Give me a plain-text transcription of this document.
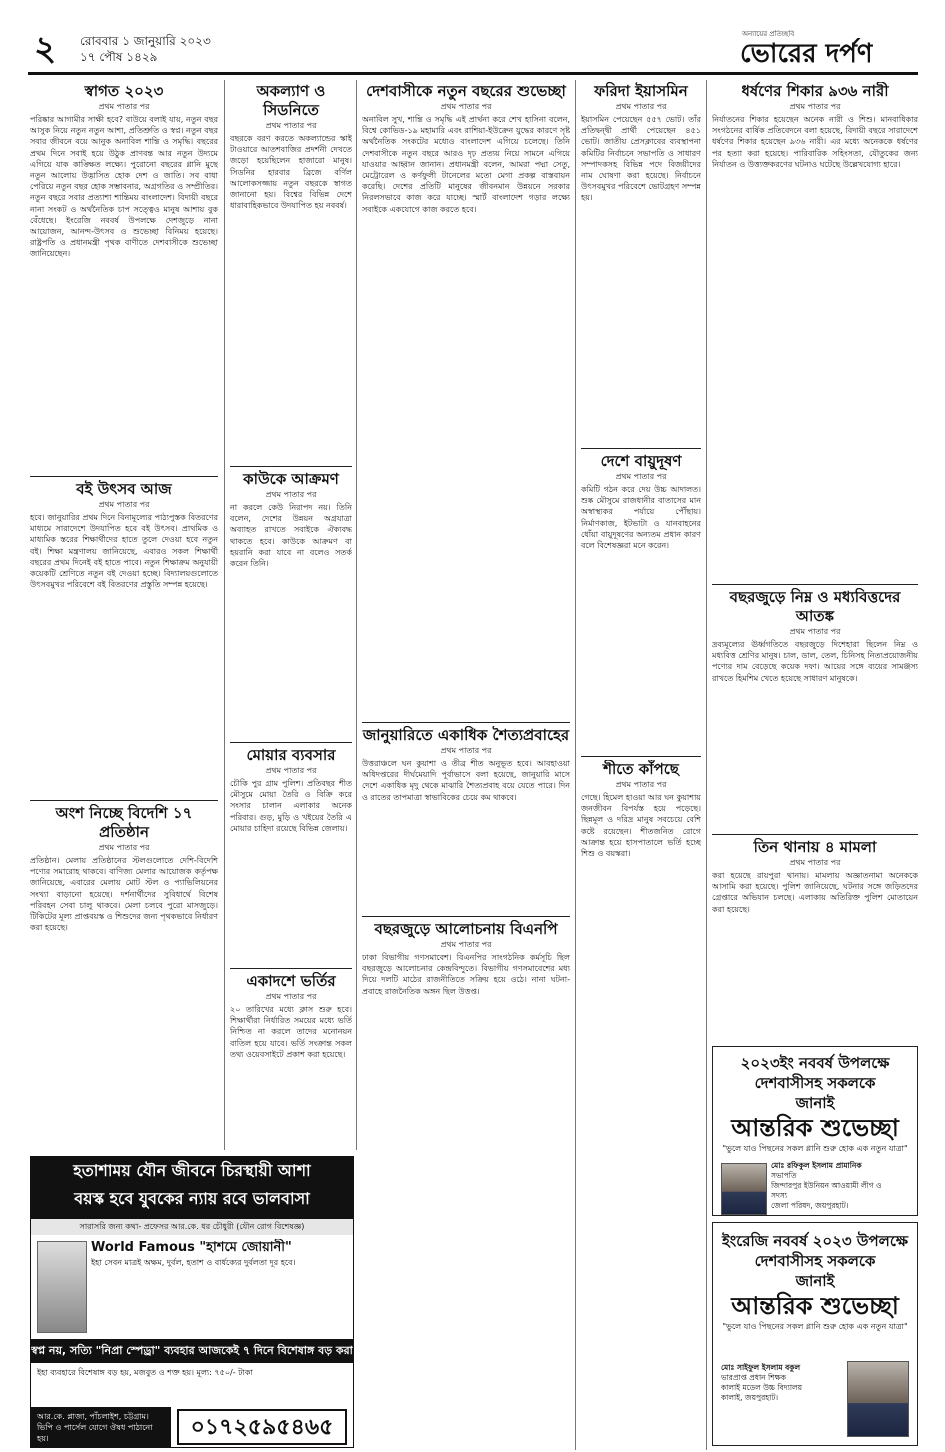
২ রোববার ১ জানুয়ারি ২০২৩
১৭ পৌষ ১৪২৯
অন্যায়ের প্রতিচ্ছবি
ভোরের দর্পণ
স্বাগত ২০২৩
প্রথম পাতার পর
পরিষ্কার আগামীর সাক্ষী হবে? বাউয়ে বলাই যায়, নতুন বছর আসুক নিয়ে নতুন নতুন আশা, প্রতিশ্রুতি ও স্বপ্ন। নতুন বছর সবার জীবনে বয়ে আনুক অনাবিল শান্তি ও সমৃদ্ধি। বছরের প্রথম দিনে সবাই হয়ে উঠুক প্রাণবন্ত আর নতুন উদ্যমে এগিয়ে যাক কাঙ্ক্ষিত লক্ষ্যে। পুরোনো বছরের গ্লানি মুছে নতুন আলোয় উদ্ভাসিত হোক দেশ ও জাতি। সব বাধা পেরিয়ে নতুন বছর হোক সম্ভাবনার, অগ্রগতির ও সম্প্রীতির। নতুন বছরে সবার প্রত্যাশা শান্তিময় বাংলাদেশ। বিদায়ী বছরে নানা সংকট ও অর্থনৈতিক চাপ সত্ত্বেও মানুষ আশায় বুক বেঁধেছে। ইংরেজি নববর্ষ উপলক্ষে দেশজুড়ে নানা আয়োজন, আনন্দ-উৎসব ও শুভেচ্ছা বিনিময় হয়েছে। রাষ্ট্রপতি ও প্রধানমন্ত্রী পৃথক বাণীতে দেশবাসীকে শুভেচ্ছা জানিয়েছেন।
বই উৎসব আজ
প্রথম পাতার পর
হবে। জানুয়ারির প্রথম দিনে বিনামূল্যের পাঠ্যপুস্তক বিতরণের মাধ্যমে সারাদেশে উদযাপিত হবে বই উৎসব। প্রাথমিক ও মাধ্যমিক স্তরের শিক্ষার্থীদের হাতে তুলে দেওয়া হবে নতুন বই। শিক্ষা মন্ত্রণালয় জানিয়েছে, এবারও সকল শিক্ষার্থী বছরের প্রথম দিনেই বই হাতে পাবে। নতুন শিক্ষাক্রম অনুযায়ী কয়েকটি শ্রেণিতে নতুন বই দেওয়া হচ্ছে। বিদ্যালয়গুলোতে উৎসবমুখর পরিবেশে বই বিতরণের প্রস্তুতি সম্পন্ন হয়েছে।
অংশ নিচ্ছে বিদেশি ১৭ প্রতিষ্ঠান
প্রথম পাতার পর
প্রতিষ্ঠান। মেলায় প্রতিষ্ঠানের স্টলগুলোতে দেশি-বিদেশি পণ্যের সমারোহ থাকবে। বাণিজ্য মেলার আয়োজক কর্তৃপক্ষ জানিয়েছে, এবারের মেলায় মোট স্টল ও প্যাভিলিয়নের সংখ্যা বাড়ানো হয়েছে। দর্শনার্থীদের সুবিধার্থে বিশেষ পরিবহন সেবা চালু থাকবে। মেলা চলবে পুরো মাসজুড়ে। টিকিটের মূল্য প্রাপ্তবয়স্ক ও শিশুদের জন্য পৃথকভাবে নির্ধারণ করা হয়েছে।
অকল্যাণ ও সিডনিতে
প্রথম পাতার পর
বছরকে বরণ করতে অকল্যান্ডের স্কাই টাওয়ারে আতশবাজির প্রদর্শনী দেখতে জড়ো হয়েছিলেন হাজারো মানুষ। সিডনির হারবার ব্রিজে বর্ণিল আলোকসজ্জায় নতুন বছরকে স্বাগত জানানো হয়। বিশ্বের বিভিন্ন দেশে ধারাবাহিকভাবে উদযাপিত হয় নববর্ষ।
কাউকে আক্রমণ
প্রথম পাতার পর
না করলে কেউ নিরাপদ নয়। তিনি বলেন, দেশের উন্নয়ন অগ্রযাত্রা অব্যাহত রাখতে সবাইকে ঐক্যবদ্ধ থাকতে হবে। কাউকে আক্রমণ বা হয়রানি করা যাবে না বলেও সতর্ক করেন তিনি।
মোয়ার ব্যবসার
প্রথম পাতার পর
চৌকি পুর গ্রাম পুলিশ। প্রতিবছর শীত মৌসুমে মোয়া তৈরি ও বিক্রি করে সংসার চালান এলাকার অনেক পরিবার। গুড়, মুড়ি ও খইয়ের তৈরি এ মোয়ার চাহিদা রয়েছে বিভিন্ন জেলায়।
একাদশে ভর্তির
প্রথম পাতার পর
২০ তারিখের মধ্যে ক্লাস শুরু হবে। শিক্ষার্থীরা নির্ধারিত সময়ের মধ্যে ভর্তি নিশ্চিত না করলে তাদের মনোনয়ন বাতিল হয়ে যাবে। ভর্তি সংক্রান্ত সকল তথ্য ওয়েবসাইটে প্রকাশ করা হয়েছে।
দেশবাসীকে নতুন বছরের শুভেচ্ছা
প্রথম পাতার পর
অনাবিল সুখ, শান্তি ও সমৃদ্ধি এই প্রার্থনা করে শেখ হাসিনা বলেন, বিশ্বে কোভিড-১৯ মহামারি এবং রাশিয়া-ইউক্রেন যুদ্ধের কারণে সৃষ্ট অর্থনৈতিক সংকটের মধ্যেও বাংলাদেশ এগিয়ে চলেছে। তিনি দেশবাসীকে নতুন বছরে আরও দৃঢ় প্রত্যয় নিয়ে সামনে এগিয়ে যাওয়ার আহ্বান জানান। প্রধানমন্ত্রী বলেন, আমরা পদ্মা সেতু, মেট্রোরেল ও কর্ণফুলী টানেলের মতো মেগা প্রকল্প বাস্তবায়ন করেছি। দেশের প্রতিটি মানুষের জীবনমান উন্নয়নে সরকার নিরলসভাবে কাজ করে যাচ্ছে। স্মার্ট বাংলাদেশ গড়ার লক্ষ্যে সবাইকে একযোগে কাজ করতে হবে।
জানুয়ারিতে একাধিক শৈত্যপ্রবাহের
প্রথম পাতার পর
উত্তরাঞ্চলে ঘন কুয়াশা ও তীব্র শীত অনুভূত হবে। আবহাওয়া অধিদপ্তরের দীর্ঘমেয়াদি পূর্বাভাসে বলা হয়েছে, জানুয়ারি মাসে দেশে একাধিক মৃদু থেকে মাঝারি শৈত্যপ্রবাহ বয়ে যেতে পারে। দিন ও রাতের তাপমাত্রা স্বাভাবিকের চেয়ে কম থাকবে।
বছরজুড়ে আলোচনায় বিএনপি
প্রথম পাতার পর
ঢাকা বিভাগীয় গণসমাবেশ। বিএনপির সাংগঠনিক কর্মসূচি ছিল বছরজুড়ে আলোচনার কেন্দ্রবিন্দুতে। বিভাগীয় গণসমাবেশের মধ্য দিয়ে দলটি মাঠের রাজনীতিতে সক্রিয় হয়ে ওঠে। নানা ঘটনা-প্রবাহে রাজনৈতিক অঙ্গন ছিল উত্তপ্ত।
ফরিদা ইয়াসমিন
প্রথম পাতার পর
ইয়াসমিন পেয়েছেন ৫৫৭ ভোট। তাঁর প্রতিদ্বন্দ্বী প্রার্থী পেয়েছেন ৪৫১ ভোট। জাতীয় প্রেসক্লাবের ব্যবস্থাপনা কমিটির নির্বাচনে সভাপতি ও সাধারণ সম্পাদকসহ বিভিন্ন পদে বিজয়ীদের নাম ঘোষণা করা হয়েছে। নির্বাচনে উৎসবমুখর পরিবেশে ভোটগ্রহণ সম্পন্ন হয়।
দেশে বায়ুদূষণ
প্রথম পাতার পর
কমিটি গঠন করে দেয় উচ্চ আদালত। শুষ্ক মৌসুমে রাজধানীর বাতাসের মান অস্বাস্থ্যকর পর্যায়ে পৌঁছায়। নির্মাণকাজ, ইটভাটা ও যানবাহনের ধোঁয়া বায়ুদূষণের অন্যতম প্রধান কারণ বলে বিশেষজ্ঞরা মনে করেন।
শীতে কাঁপছে
প্রথম পাতার পর
গেছে। হিমেল হাওয়া আর ঘন কুয়াশায় জনজীবন বিপর্যস্ত হয়ে পড়েছে। ছিন্নমূল ও দরিদ্র মানুষ সবচেয়ে বেশি কষ্টে রয়েছেন। শীতজনিত রোগে আক্রান্ত হয়ে হাসপাতালে ভর্তি হচ্ছে শিশু ও বয়স্করা।
ধর্ষণের শিকার ৯৩৬ নারী
প্রথম পাতার পর
নির্যাতনের শিকার হয়েছেন অনেক নারী ও শিশু। মানবাধিকার সংগঠনের বার্ষিক প্রতিবেদনে বলা হয়েছে, বিদায়ী বছরে সারাদেশে ধর্ষণের শিকার হয়েছেন ৯৩৬ নারী। এর মধ্যে অনেককে ধর্ষণের পর হত্যা করা হয়েছে। পারিবারিক সহিংসতা, যৌতুকের জন্য নির্যাতন ও উত্ত্যক্তকরণের ঘটনাও ঘটেছে উল্লেখযোগ্য হারে।
বছরজুড়ে নিম্ন ও মধ্যবিত্তদের আতঙ্ক
প্রথম পাতার পর
দ্রব্যমূল্যের ঊর্ধ্বগতিতে বছরজুড়ে দিশেহারা ছিলেন নিম্ন ও মধ্যবিত্ত শ্রেণির মানুষ। চাল, ডাল, তেল, চিনিসহ নিত্যপ্রয়োজনীয় পণ্যের দাম বেড়েছে কয়েক দফা। আয়ের সঙ্গে ব্যয়ের সামঞ্জস্য রাখতে হিমশিম খেতে হয়েছে সাধারণ মানুষকে।
তিন থানায় ৪ মামলা
প্রথম পাতার পর
করা হয়েছে রায়পুরা থানায়। মামলায় অজ্ঞাতনামা অনেককে আসামি করা হয়েছে। পুলিশ জানিয়েছে, ঘটনার সঙ্গে জড়িতদের গ্রেপ্তারে অভিযান চলছে। এলাকায় অতিরিক্ত পুলিশ মোতায়েন করা হয়েছে।
২০২৩ইং নববর্ষ উপলক্ষে
দেশবাসীসহ সকলকে
জানাই
আন্তরিক শুভেচ্ছা
"ভুলে যাও পিছনের সকল গ্লানি শুরু হোক এক নতুন যাত্রা"
মোঃ রফিকুল ইসলাম প্রামানিক
সভাপতি
জিন্দারপুর ইউনিয়ন আওয়ামী লীগ ও
সদস্য
জেলা পরিষদ, জয়পুরহাট।
ইংরেজি নববর্ষ ২০২৩ উপলক্ষে
দেশবাসীসহ সকলকে
জানাই
আন্তরিক শুভেচ্ছা
"ভুলে যাও পিছনের সকল গ্লানি শুরু হোক এক নতুন যাত্রা"
মোঃ সাইফুল ইসলাম বকুল
ভারপ্রাপ্ত প্রধান শিক্ষক
কালাই মডেল উচ্চ বিদ্যালয়
কালাই, জয়পুরহাট।
হতাশাময় যৌন জীবনে চিরস্থায়ী আশা
বয়স্ক হবে যুবকের ন্যায় রবে ভালবাসা
সারাসরি জন্য কথা- প্রফেসর আর.কে. ধর চৌধুরী (যৌন রোগ বিশেষজ্ঞ)
World Famous "হাশমে জোয়ানী"
ইহা সেবন মাত্রই অক্ষম, দুর্বল, হতাশ ও বার্ধক্যের দুর্বলতা দূর হবে।
স্বপ্ন নয়, সত্যি "নিপ্রা স্পেড্রা" ব্যবহার আজকেই ৭ দিনে বিশেষাঙ্গ বড় করা
ইহা ব্যবহারে বিশেষাঙ্গ বড় হয়, মজবুত ও শক্ত হয়। মূল্য: ৭৫০/- টাকা
আর.কে. প্লাজা, পাঁচলাইশ, চট্টগ্রাম।
ভিপি ও পার্সেল যোগে ঔষধ পাঠানো হয়।	০১৭২৫৯৫৪৬৫
